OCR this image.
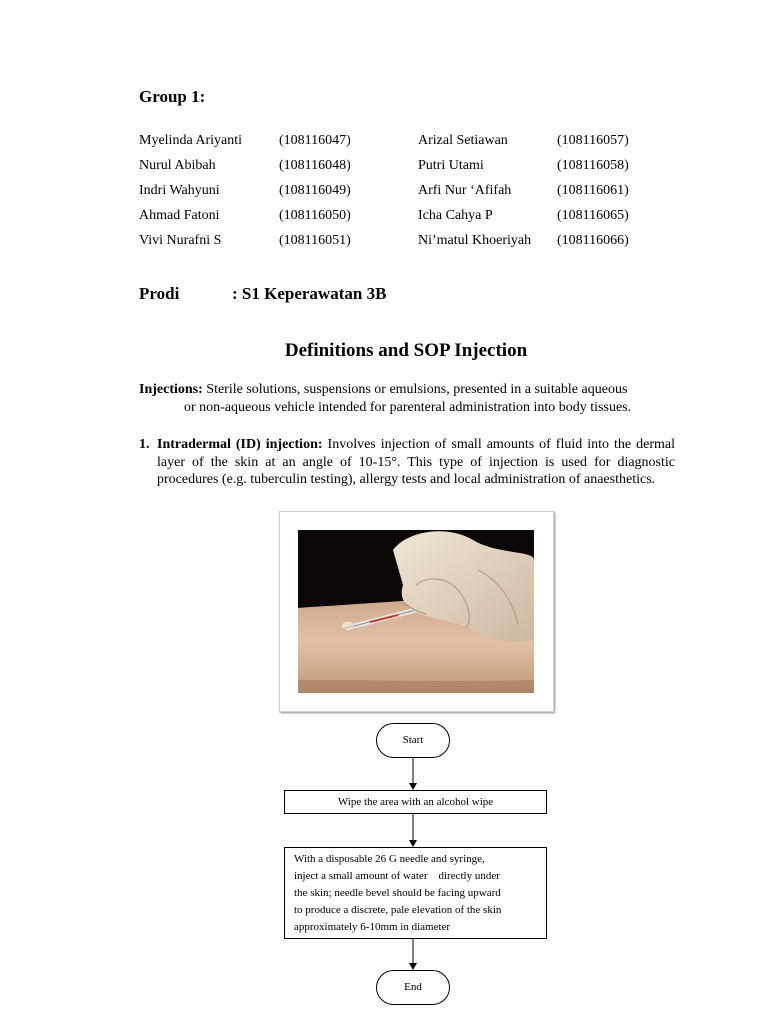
Group 1:
Myelinda Ariyanti	(108116047)
Nurul Abibah	(108116048)
Indri Wahyuni	(108116049)
Ahmad Fatoni	(108116050)
Vivi Nurafni S	(108116051)
Arizal Setiawan	(108116057)
Putri Utami	(108116058)
Arfi Nur ‘Afifah	(108116061)
Icha Cahya P	(108116065)
Ni’matul Khoeriyah (108116066)
Prodi	: S1 Keperawatan 3B
Definitions and SOP Injection
Injections: Sterile solutions, suspensions or emulsions, presented in a suitable aqueous
or non-aqueous vehicle intended for parenteral administration into body tissues.
1. Intradermal (ID) injection: Involves injection of small amounts of fluid into the dermal layer of the skin at an angle of 10-15°. This type of injection is used for diagnostic procedures (e.g. tuberculin testing), allergy tests and local administration of anaesthetics.
Start
Wipe the area with an alcohol wipe
With a disposable 26 G needle and syringe,
inject a small amount of water    directly under
the skin; needle bevel should be facing upward
to produce a discrete, pale elevation of the skin
approximately 6-10mm in diameter
End
